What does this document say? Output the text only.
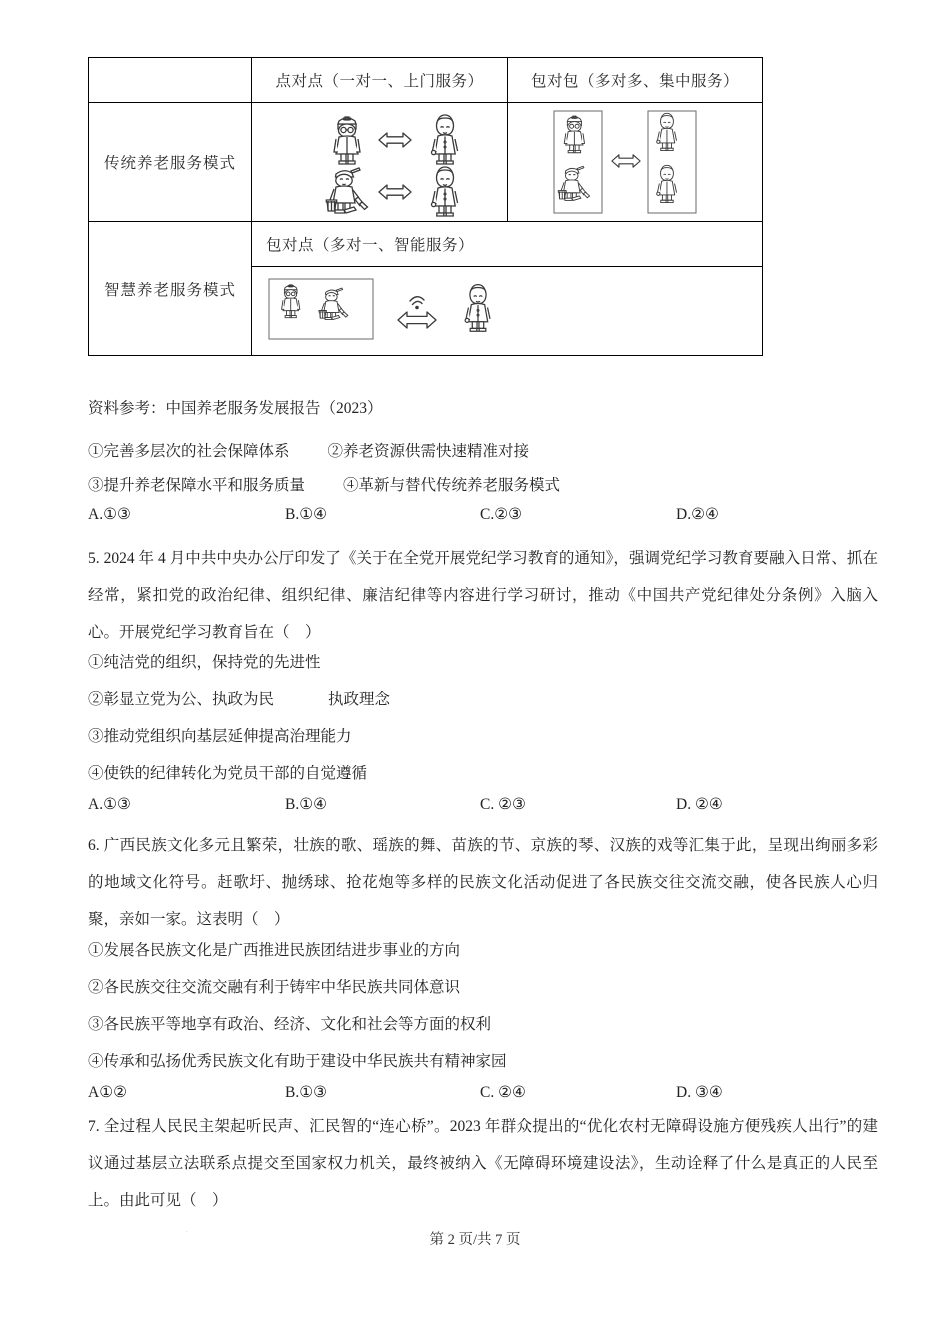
	点对点（一对一、上门服务）	包对包（多对多、集中服务）
传统养老服务模式	

智慧养老服务模式	包对点（多对一、智能服务）	

资料参考：中国养老服务发展报告（2023）
①完善多层次的社会保障体系 ②养老资源供需快速精准对接
③提升养老保障水平和服务质量 ④革新与替代传统养老服务模式
A.①③	B.①④	C.②③	D.②④
5. 2024 年 4 月中共中央办公厅印发了《关于在全党开展党纪学习教育的通知》，强调党纪学习教育要融入日常、抓在经常，紧扣党的政治纪律、组织纪律、廉洁纪律等内容进行学习研讨，推动《中国共产党纪律处分条例》入脑入心。开展党纪学习教育旨在（　）
①纯洁党的组织，保持党的先进性
②彰显立党为公、执政为民	执政理念
③推动党组织向基层延伸提高治理能力
④使铁的纪律转化为党员干部的自觉遵循
A.①③	B.①④	C. ②③	D. ②④
6. 广西民族文化多元且繁荣，壮族的歌、瑶族的舞、苗族的节、京族的琴、汉族的戏等汇集于此，呈现出绚丽多彩的地域文化符号。赶歌圩、抛绣球、抢花炮等多样的民族文化活动促进了各民族交往交流交融，使各民族人心归聚，亲如一家。这表明（　）
①发展各民族文化是广西推进民族团结进步事业的方向
②各民族交往交流交融有利于铸牢中华民族共同体意识
③各民族平等地享有政治、经济、文化和社会等方面的权利
④传承和弘扬优秀民族文化有助于建设中华民族共有精神家园
A①②	B.①③	C. ②④	D. ③④
7. 全过程人民民主架起听民声、汇民智的“连心桥”。2023 年群众提出的“优化农村无障碍设施方便残疾人出行”的建议通过基层立法联系点提交至国家权力机关，最终被纳入《无障碍环境建设法》，生动诠释了什么是真正的人民至上。由此可见（　）
.
第 2 页/共 7 页
